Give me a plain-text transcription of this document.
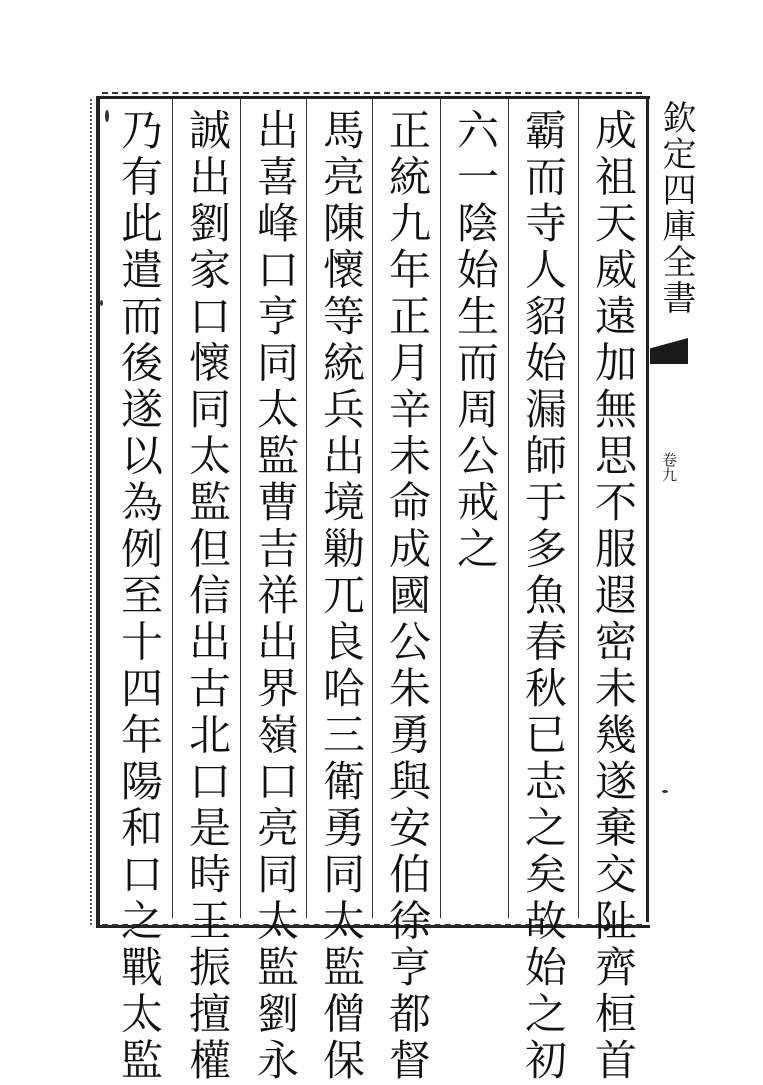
欽定四庫全書
卷九
成祖天威遠加無思不服遐密未幾遂棄交阯齊桓首
霸而寺人貂始漏師于多魚春秋已志之矣故始之初
六一陰始生而周公戒之
正統九年正月辛未命成國公朱勇與安伯徐亨都督
馬亮陳懷等統兵出境勦兀良哈三衛勇同太監僧保
出喜峰口亨同太監曹吉祥出界嶺口亮同太監劉永
誠出劉家口懷同太監但信出古北口是時王振擅權
乃有此遣而後遂以為例至十四年陽和口之戰太監
